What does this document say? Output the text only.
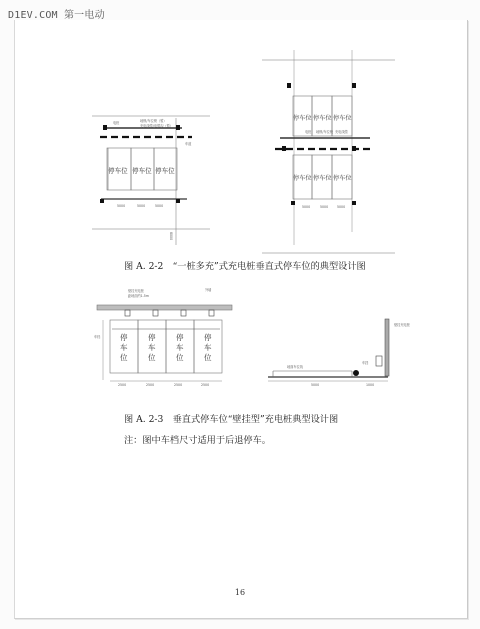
D1EV.COM 第一电动
电桩	地锁/车位锁（暂）
充电线缆/电缆沟（暂）
车道
5000	5000	5000
8000
电桩 地锁/车位锁 充电线缆
5000	5000	5000
停车位 停车位 停车位
停车位 停车位 停车位
停车位 停车位 停车位
图 A. 2-2　“一桩多充”式充电桩垂直式停车位的典型设计图
壁挂充电桩
距地面约1.5m
外墙
车档
2500	2500	2500	2500
壁挂充电桩
地面车位线
车挡
5000	1000
停车位
停车位
停车位
停车位
图 A. 2-3　垂直式停车位“壁挂型”充电桩典型设计图
注：图中车档尺寸适用于后退停车。
16
